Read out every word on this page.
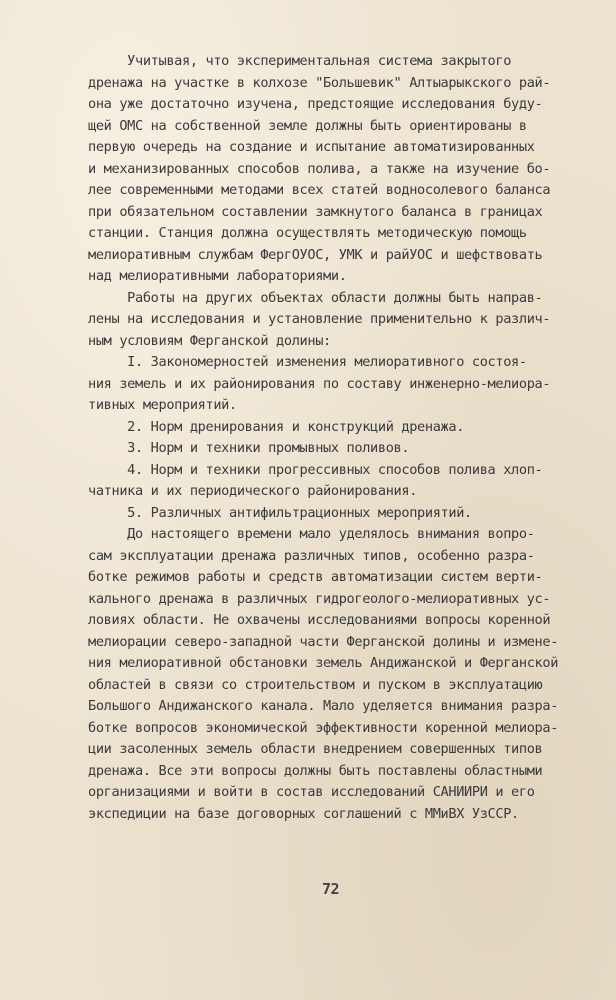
Учитывая, что экспериментальная система закрытого
дренажа на участке в колхозе "Большевик" Алтыарыкского рай-
она уже достаточно изучена, предстоящие исследования буду-
щей ОМС на собственной земле должны быть ориентированы в
первую очередь на создание и испытание автоматизированных
и механизированных способов полива, а также на изучение бо-
лее современными методами всех статей водносолевого баланса
при обязательном составлении замкнутого баланса в границах
станции. Станция должна осуществлять методическую помощь
мелиоративным службам ФергОУОС, УМК и райУОС и шефствовать
над мелиоративными лабораториями.
Работы на других объектах области должны быть направ-
лены на исследования и установление применительно к различ-
ным условиям Ферганской долины:
I. Закономерностей изменения мелиоративного состоя-
ния земель и их районирования по составу инженерно-мелиора-
тивных мероприятий.
2. Норм дренирования и конструкций дренажа.
3. Норм и техники промывных поливов.
4. Норм и техники прогрессивных способов полива хлоп-
чатника и их периодического районирования.
5. Различных антифильтрационных мероприятий.
До настоящего времени мало уделялось внимания вопро-
сам эксплуатации дренажа различных типов, особенно разра-
ботке режимов работы и средств автоматизации систем верти-
кального дренажа в различных гидрогеолого-мелиоративных ус-
ловиях области. Не охвачены исследованиями вопросы коренной
мелиорации северо-западной части Ферганской долины и измене-
ния мелиоративной обстановки земель Андижанской и Ферганской
областей в связи со строительством и пуском в эксплуатацию
Большого Андижанского канала. Мало уделяется внимания разра-
ботке вопросов экономической эффективности коренной мелиора-
ции засоленных земель области внедрением совершенных типов
дренажа. Все эти вопросы должны быть поставлены областными
организациями и войти в состав исследований САНИИРИ и его
экспедиции на базе договорных соглашений с ММиВХ УзССР.
72
